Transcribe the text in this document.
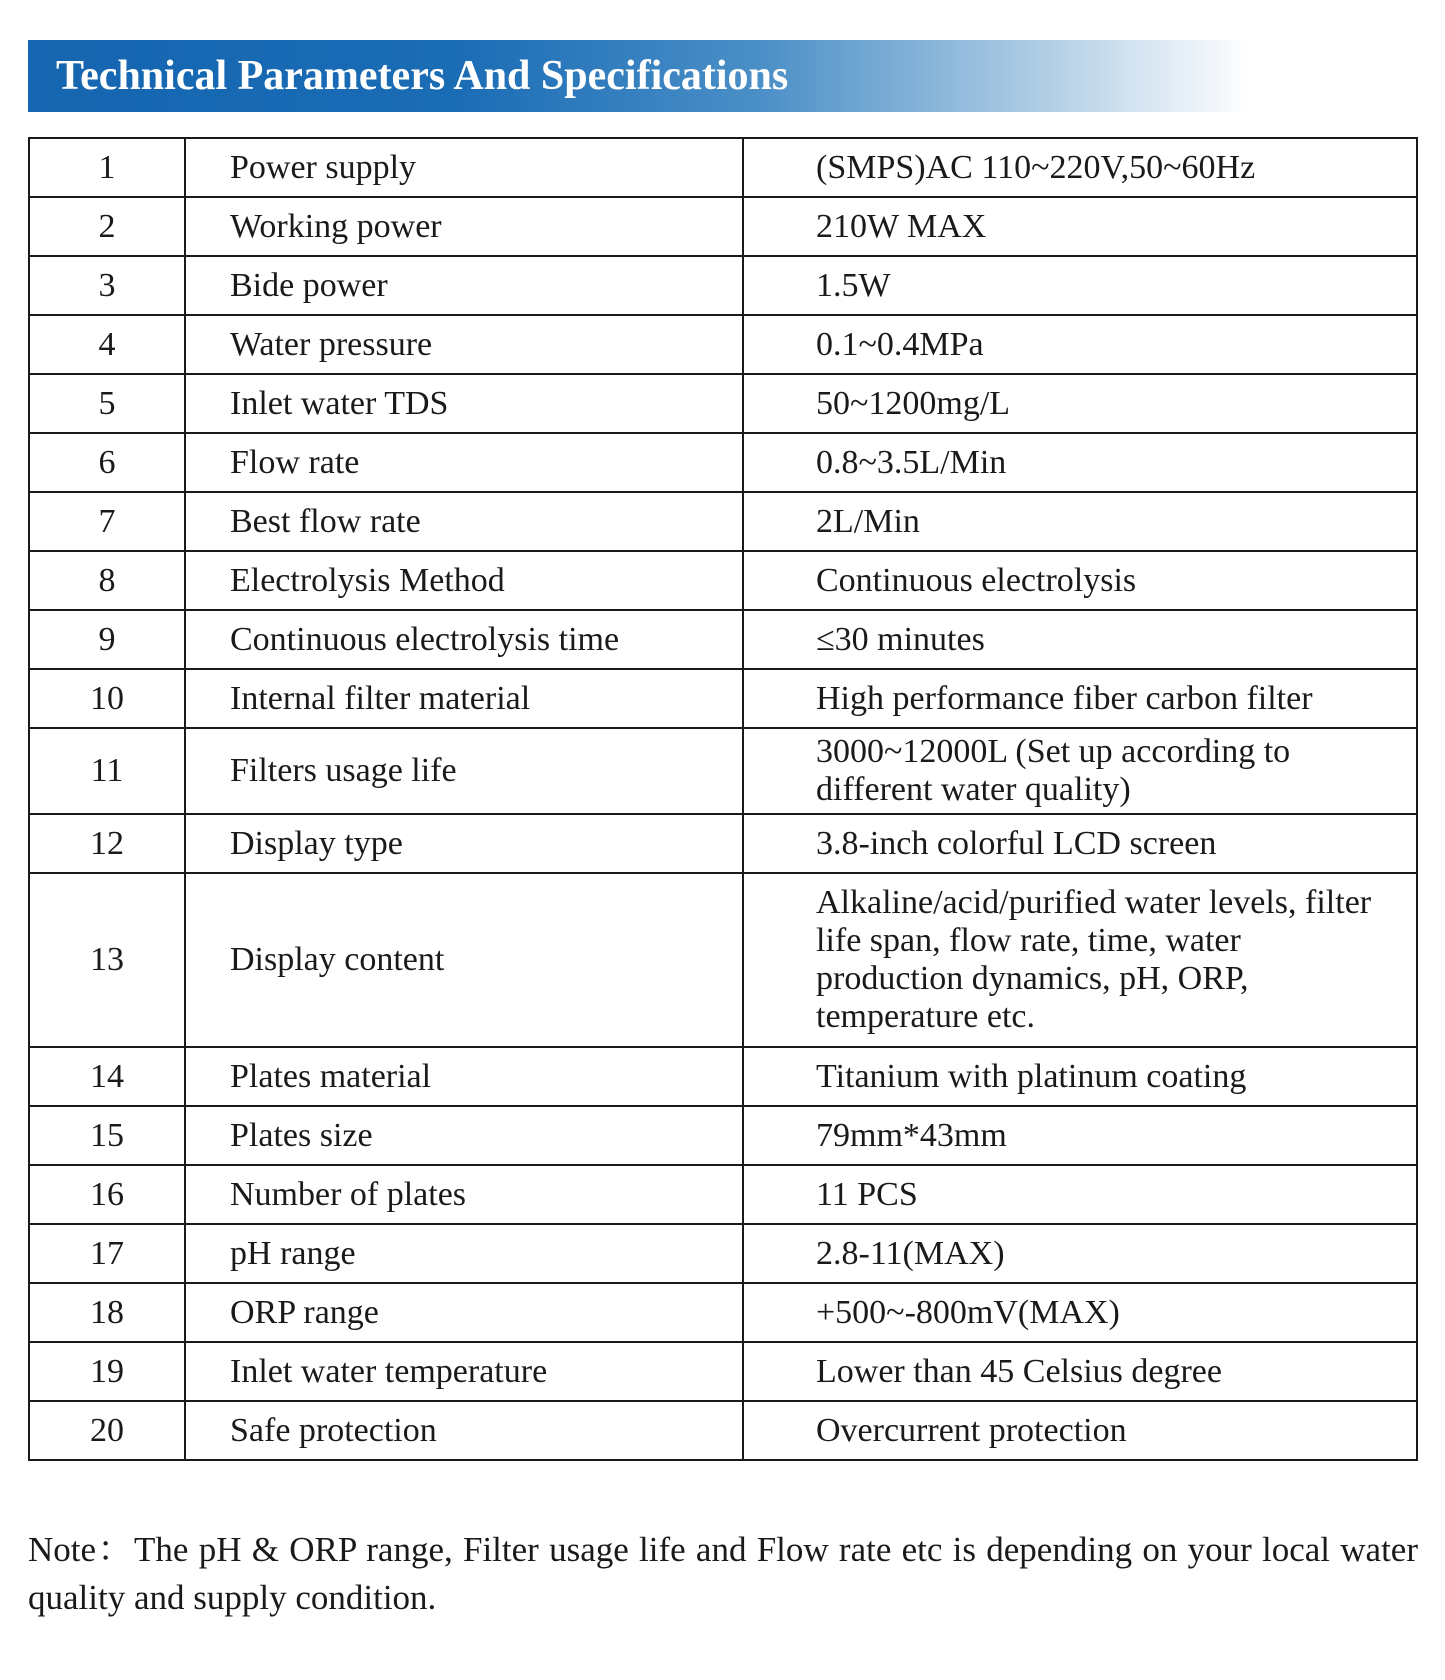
Technical Parameters And Specifications
1	Power supply	(SMPS)AC 110~220V,50~60Hz
2	Working power	210W MAX
3	Bide power	1.5W
4	Water pressure	0.1~0.4MPa
5	Inlet water TDS	50~1200mg/L
6	Flow rate	0.8~3.5L/Min
7	Best flow rate	2L/Min
8	Electrolysis Method	Continuous electrolysis
9	Continuous electrolysis time	≤30 minutes
10	Internal filter material	High performance fiber carbon filter
11	Filters usage life	3000~12000L (Set up according to different water quality)
12	Display type	3.8-inch colorful LCD screen
13	Display content	Alkaline/acid/purified water levels, filter life span, flow rate, time, water production dynamics, pH, ORP, temperature etc.
14	Plates material	Titanium with platinum coating
15	Plates size	79mm*43mm
16	Number of plates	11 PCS
17	pH range	2.8-11(MAX)
18	ORP range	+500~-800mV(MAX)
19	Inlet water temperature	Lower than 45 Celsius degree
20	Safe protection	Overcurrent protection
Note：The pH & ORP range, Filter usage life and Flow rate etc is depending on your local water quality and supply condition.
